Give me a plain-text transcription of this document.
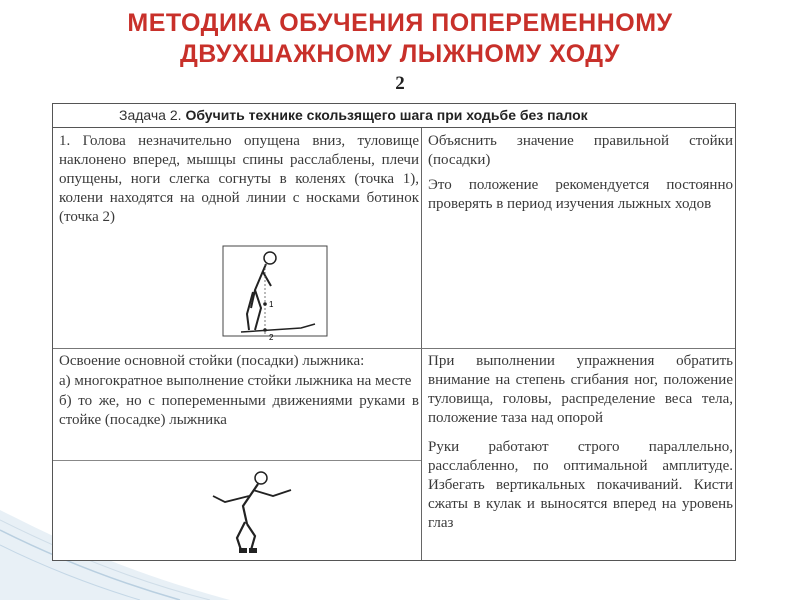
МЕТОДИКА ОБУЧЕНИЯ ПОПЕРЕМЕННОМУ
ДВУХШАЖНОМУ ЛЫЖНОМУ ХОДУ
2
Задача 2. Обучить технике скользящего шага при ходьбе без палок
1. Голова незначительно опущена вниз, туловище наклонено вперед, мышцы спины расслаблены, плечи опущены, ноги слегка согнуты в коленях (точка 1), колени находятся на одной линии с носками ботинок (точка 2)
Объяснить значение правильной стойки (посадки)
Это положение рекомендуется постоянно проверять в период изучения лыжных ходов
1
2

Освоение основной стойки (посадки) лыжника:

а) многократное выполнение стойки лыжника на месте

б) то же, но с попеременными движениями руками в стойке (посадке) лыжника

При выполнении упражнения обратить внимание на степень сгибания ног, положение туловища, головы, распределение веса тела, положение таза над опорой
Руки работают строго параллельно, расслабленно, по оптимальной амплитуде. Избегать вертикальных покачиваний. Кисти сжаты в кулак и выносятся вперед на уровень глаз
